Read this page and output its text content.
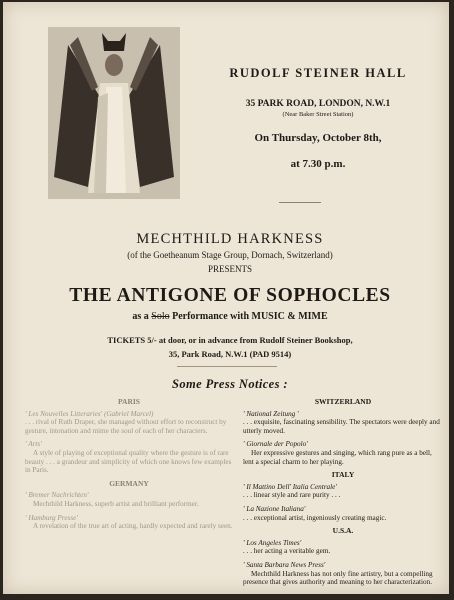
RUDOLF STEINER HALL
35 PARK ROAD, LONDON, N.W.1
(Near Baker Street Station)
On Thursday, October 8th,
at 7.30 p.m.
MECHTHILD HARKNESS
(of the Goetheanum Stage Group, Dornach, Switzerland)
PRESENTS
THE ANTIGONE OF SOPHOCLES
as a Solo Performance with MUSIC & MIME
TICKETS 5/- at door, or in advance from Rudolf Steiner Bookshop,
35, Park Road, N.W.1 (PAD 9514)
Some Press Notices :
PARIS
' Les Nouvelles Litteraries' (Gabriel Marcel)
. . . rival of Ruth Draper, she managed without effort to reconstruct by gesture, intonation and mime the soul of each of her characters.
' Arts'
A style of playing of exceptional quality where the gesture is of rare beauty . . . a grandeur and simplicity of which one knows few examples in Paris.
GERMANY
' Bremer Nachrichten'
Mechthild Harkness, superb artist and brilliant performer.
' Hamburg Presse'
A revelation of the true art of acting, hardly expected and rarely seen.
SWITZERLAND
' National Zeitung '
. . . exquisite, fascinating sensibility. The spectators were deeply and utterly moved.
' Giornale der Popolo'
Her expressive gestures and singing, which rang pure as a bell, lent a special charm to her playing.
ITALY
' Il Mattino Dell' Italia Centrale'
. . . linear style and rare purity . . .
' La Nazione Italiana'
. . . exceptional artist, ingeniously creating magic.
U.S.A.
' Los Angeles Times'
. . . her acting a veritable gem.
' Santa Barbara News Press'
Mechthild Harkness has not only fine artistry, but a compelling presence that gives authority and meaning to her characterization.
